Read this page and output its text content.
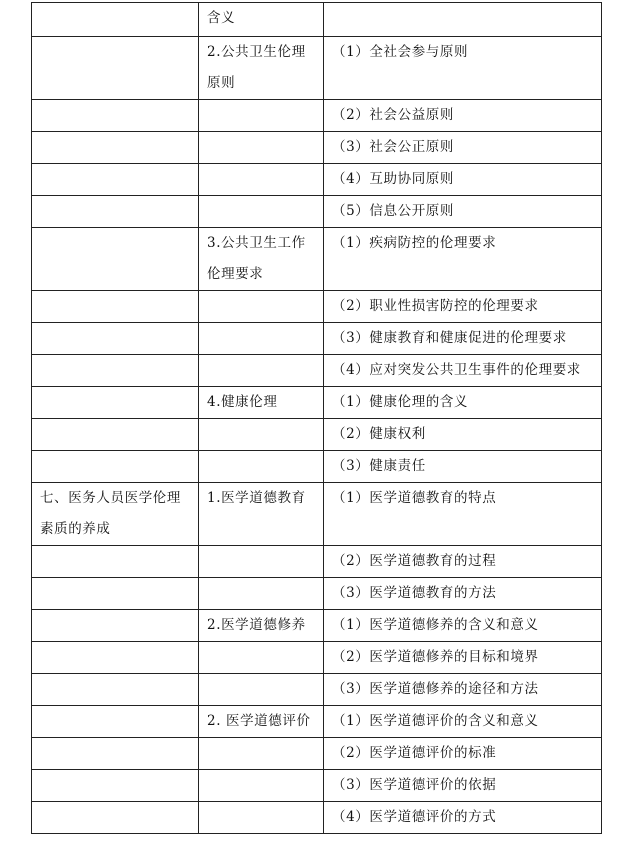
	含义	
	2.公共卫生伦理原则	（1）全社会参与原则
		（2）社会公益原则
		（3）社会公正原则
		（4）互助协同原则
		（5）信息公开原则
	3.公共卫生工作伦理要求	（1）疾病防控的伦理要求
		（2）职业性损害防控的伦理要求
		（3）健康教育和健康促进的伦理要求
		（4）应对突发公共卫生事件的伦理要求
	4.健康伦理	（1）健康伦理的含义
		（2）健康权利
		（3）健康责任
七、医务人员医学伦理素质的养成	1.医学道德教育	（1）医学道德教育的特点
		（2）医学道德教育的过程
		（3）医学道德教育的方法
	2.医学道德修养	（1）医学道德修养的含义和意义
		（2）医学道德修养的目标和境界
		（3）医学道德修养的途径和方法
	2. 医学道德评价	（1）医学道德评价的含义和意义
		（2）医学道德评价的标准
		（3）医学道德评价的依据
		（4）医学道德评价的方式
